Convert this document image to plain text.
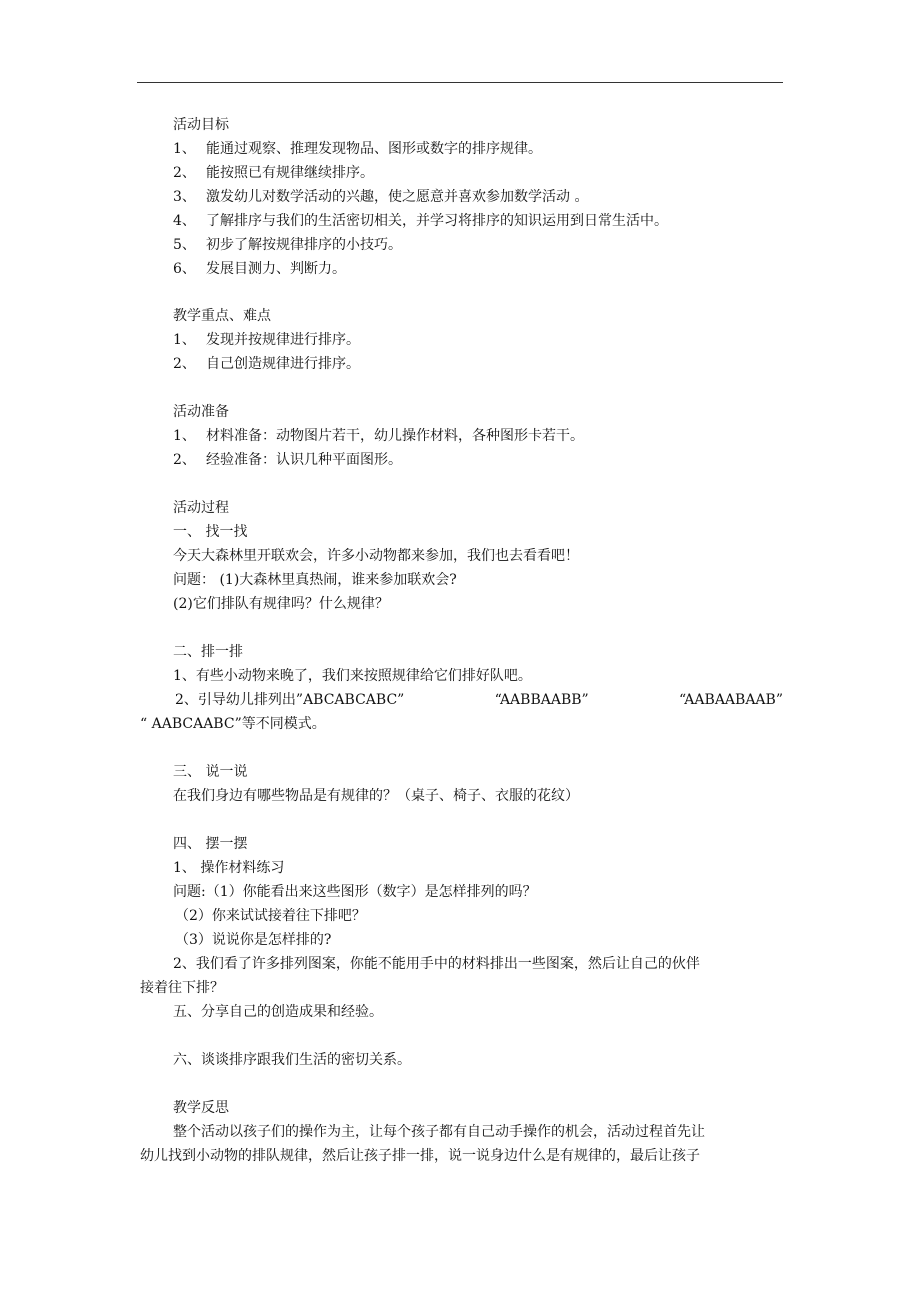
活动目标
1、 能通过观察、推理发现物品、图形或数字的排序规律。
2、 能按照已有规律继续排序。
3、 激发幼儿对数学活动的兴趣，使之愿意并喜欢参加数学活动 。
4、 了解排序与我们的生活密切相关，并学习将排序的知识运用到日常生活中。
5、 初步了解按规律排序的小技巧。
6、 发展目测力、判断力。
教学重点、难点
1、 发现并按规律进行排序。
2、 自己创造规律进行排序。
活动准备
1、 材料准备：动物图片若干，幼儿操作材料，各种图形卡若干。
2、 经验准备：认识几种平面图形。
活动过程
一、 找一找
今天大森林里开联欢会，许多小动物都来参加，我们也去看看吧！
问题： (1)大森林里真热闹，谁来参加联欢会?
(2)它们排队有规律吗？什么规律？
二、排一排
1、有些小动物来晚了，我们来按照规律给它们排好队吧。
2、引导幼儿排列出”ABCABCABC”	“AABBAABB”	“AABAABAAB”
“ AABCAABC”等不同模式。
三、 说一说
在我们身边有哪些物品是有规律的？（桌子、椅子、衣服的花纹）
四、 摆一摆
1、 操作材料练习
问题:（1）你能看出来这些图形（数字）是怎样排列的吗？
（2）你来试试接着往下排吧？
（3）说说你是怎样排的?
2、我们看了许多排列图案，你能不能用手中的材料排出一些图案，然后让自己的伙伴
接着往下排？
五、分享自己的创造成果和经验。
六、谈谈排序跟我们生活的密切关系。
教学反思
整个活动以孩子们的操作为主，让每个孩子都有自己动手操作的机会，活动过程首先让
幼儿找到小动物的排队规律，然后让孩子排一排，说一说身边什么是有规律的，最后让孩子
